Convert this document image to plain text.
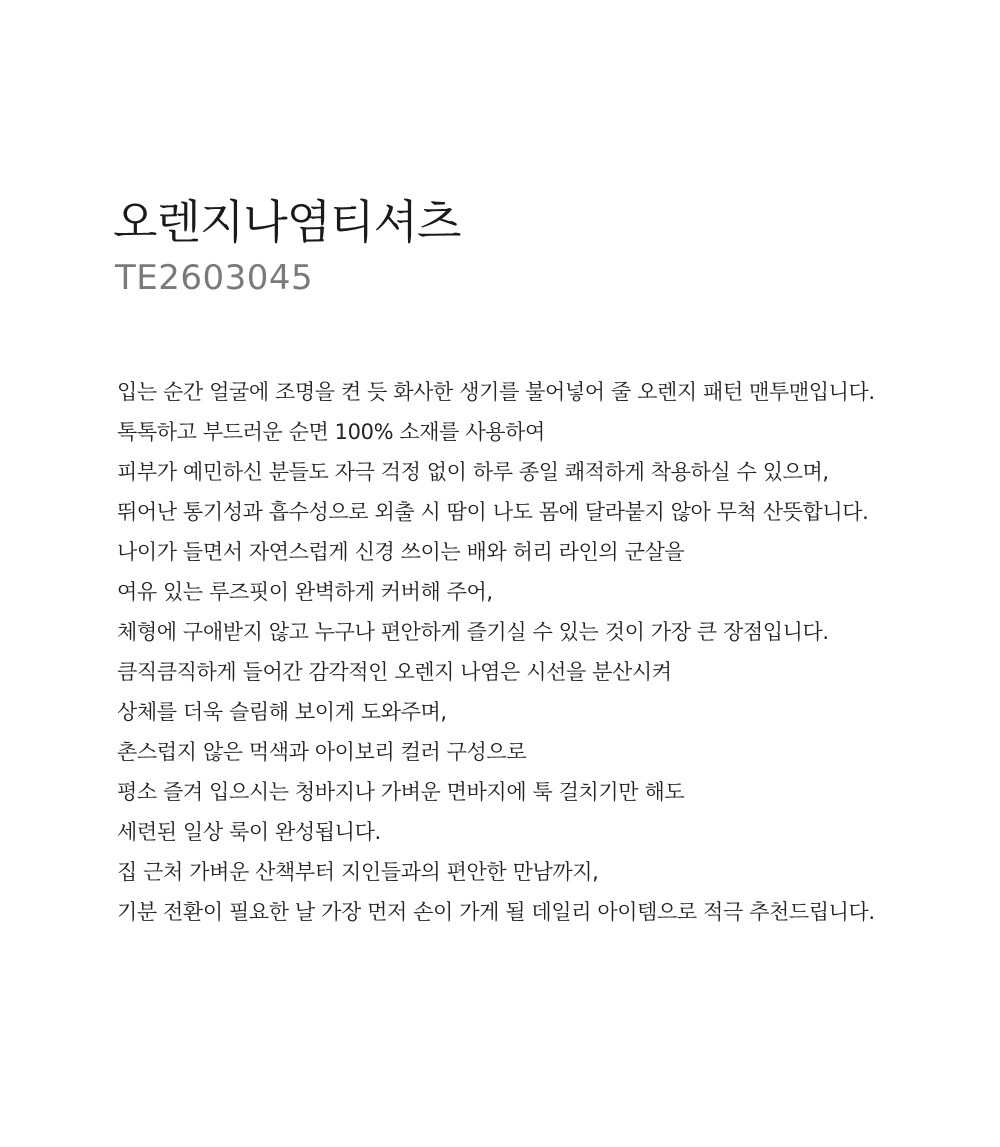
오렌지나염티셔츠
TE2603045

입는 순간 얼굴에 조명을 켠 듯 화사한 생기를 불어넣어 줄 오렌지 패턴 맨투맨입니다.

톡톡하고 부드러운 순면 100% 소재를 사용하여

피부가 예민하신 분들도 자극 걱정 없이 하루 종일 쾌적하게 착용하실 수 있으며,

뛰어난 통기성과 흡수성으로 외출 시 땀이 나도 몸에 달라붙지 않아 무척 산뜻합니다.

나이가 들면서 자연스럽게 신경 쓰이는 배와 허리 라인의 군살을

여유 있는 루즈핏이 완벽하게 커버해 주어,

체형에 구애받지 않고 누구나 편안하게 즐기실 수 있는 것이 가장 큰 장점입니다.

큼직큼직하게 들어간 감각적인 오렌지 나염은 시선을 분산시켜

상체를 더욱 슬림해 보이게 도와주며,

촌스럽지 않은 먹색과 아이보리 컬러 구성으로

평소 즐겨 입으시는 청바지나 가벼운 면바지에 툭 걸치기만 해도

세련된 일상 룩이 완성됩니다.

집 근처 가벼운 산책부터 지인들과의 편안한 만남까지,

기분 전환이 필요한 날 가장 먼저 손이 가게 될 데일리 아이템으로 적극 추천드립니다.
